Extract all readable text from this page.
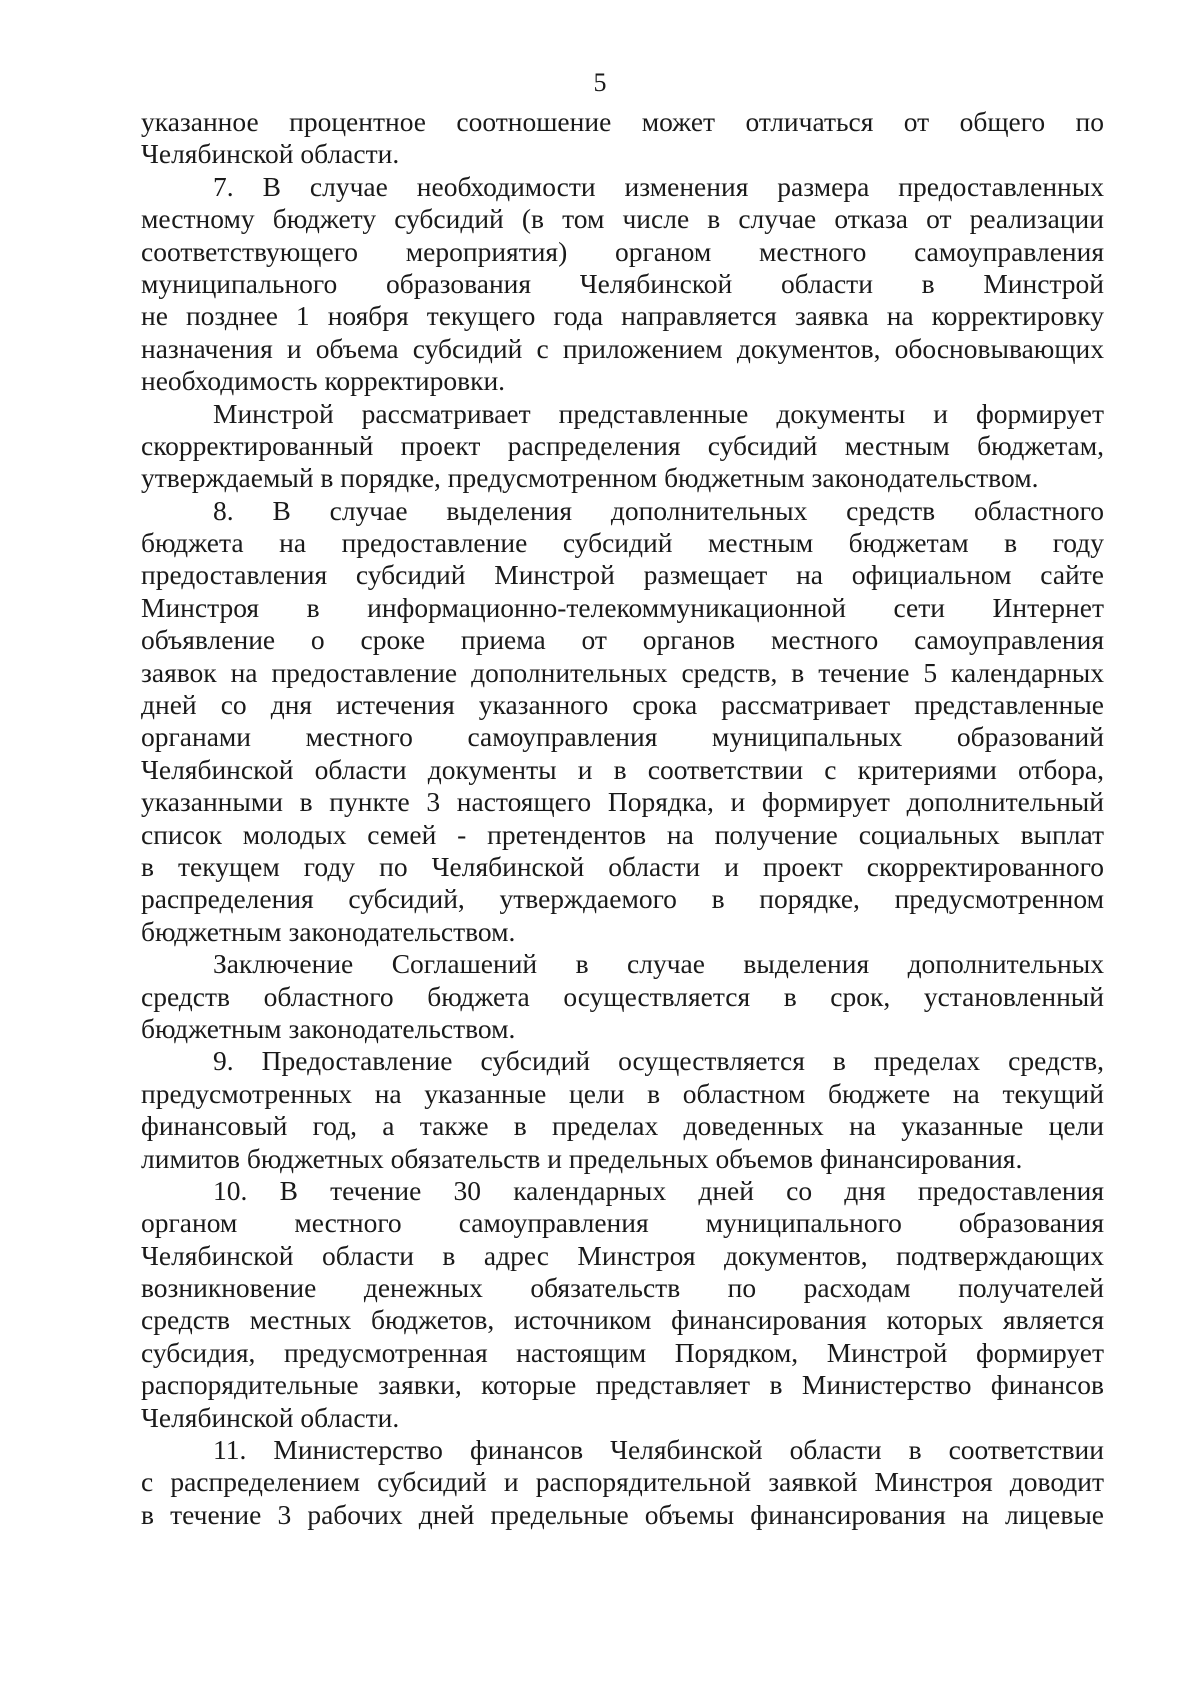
5
указанное процентное соотношение может отличаться от общего по
Челябинской области.
7. В случае необходимости изменения размера предоставленных
местному бюджету субсидий (в том числе в случае отказа от реализации
соответствующего мероприятия) органом местного самоуправления
муниципального образования Челябинской области в Минстрой
не позднее 1 ноября текущего года направляется заявка на корректировку
назначения и объема субсидий с приложением документов, обосновывающих
необходимость корректировки.
Минстрой рассматривает представленные документы и формирует
скорректированный проект распределения субсидий местным бюджетам,
утверждаемый в порядке, предусмотренном бюджетным законодательством.
8. В случае выделения дополнительных средств областного
бюджета на предоставление субсидий местным бюджетам в году
предоставления субсидий Минстрой размещает на официальном сайте
Минстроя в информационно-телекоммуникационной сети Интернет
объявление о сроке приема от органов местного самоуправления
заявок на предоставление дополнительных средств, в течение 5 календарных
дней со дня истечения указанного срока рассматривает представленные
органами местного самоуправления муниципальных образований
Челябинской области документы и в соответствии с критериями отбора,
указанными в пункте 3 настоящего Порядка, и формирует дополнительный
список молодых семей - претендентов на получение социальных выплат
в текущем году по Челябинской области и проект скорректированного
распределения субсидий, утверждаемого в порядке, предусмотренном
бюджетным законодательством.
Заключение Соглашений в случае выделения дополнительных
средств областного бюджета осуществляется в срок, установленный
бюджетным законодательством.
9. Предоставление субсидий осуществляется в пределах средств,
предусмотренных на указанные цели в областном бюджете на текущий
финансовый год, а также в пределах доведенных на указанные цели
лимитов бюджетных обязательств и предельных объемов финансирования.
10. В течение 30 календарных дней со дня предоставления
органом местного самоуправления муниципального образования
Челябинской области в адрес Минстроя документов, подтверждающих
возникновение денежных обязательств по расходам получателей
средств местных бюджетов, источником финансирования которых является
субсидия, предусмотренная настоящим Порядком, Минстрой формирует
распорядительные заявки, которые представляет в Министерство финансов
Челябинской области.
11. Министерство финансов Челябинской области в соответствии
с распределением субсидий и распорядительной заявкой Минстроя доводит
в течение 3 рабочих дней предельные объемы финансирования на лицевые
